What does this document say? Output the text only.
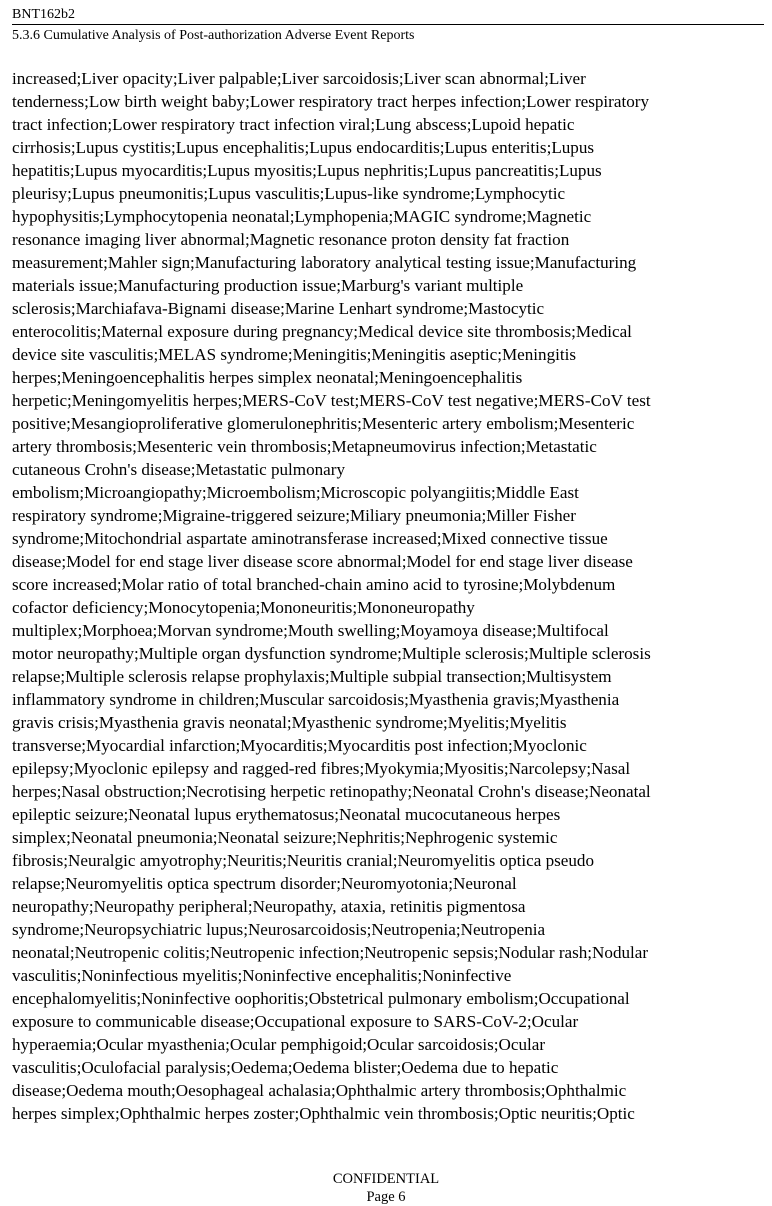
BNT162b2
5.3.6 Cumulative Analysis of Post-authorization Adverse Event Reports
increased;Liver opacity;Liver palpable;Liver sarcoidosis;Liver scan abnormal;Liver
tenderness;Low birth weight baby;Lower respiratory tract herpes infection;Lower respiratory
tract infection;Lower respiratory tract infection viral;Lung abscess;Lupoid hepatic
cirrhosis;Lupus cystitis;Lupus encephalitis;Lupus endocarditis;Lupus enteritis;Lupus
hepatitis;Lupus myocarditis;Lupus myositis;Lupus nephritis;Lupus pancreatitis;Lupus
pleurisy;Lupus pneumonitis;Lupus vasculitis;Lupus-like syndrome;Lymphocytic
hypophysitis;Lymphocytopenia neonatal;Lymphopenia;MAGIC syndrome;Magnetic
resonance imaging liver abnormal;Magnetic resonance proton density fat fraction
measurement;Mahler sign;Manufacturing laboratory analytical testing issue;Manufacturing
materials issue;Manufacturing production issue;Marburg's variant multiple
sclerosis;Marchiafava-Bignami disease;Marine Lenhart syndrome;Mastocytic
enterocolitis;Maternal exposure during pregnancy;Medical device site thrombosis;Medical
device site vasculitis;MELAS syndrome;Meningitis;Meningitis aseptic;Meningitis
herpes;Meningoencephalitis herpes simplex neonatal;Meningoencephalitis
herpetic;Meningomyelitis herpes;MERS-CoV test;MERS-CoV test negative;MERS-CoV test
positive;Mesangioproliferative glomerulonephritis;Mesenteric artery embolism;Mesenteric
artery thrombosis;Mesenteric vein thrombosis;Metapneumovirus infection;Metastatic
cutaneous Crohn's disease;Metastatic pulmonary
embolism;Microangiopathy;Microembolism;Microscopic polyangiitis;Middle East
respiratory syndrome;Migraine-triggered seizure;Miliary pneumonia;Miller Fisher
syndrome;Mitochondrial aspartate aminotransferase increased;Mixed connective tissue
disease;Model for end stage liver disease score abnormal;Model for end stage liver disease
score increased;Molar ratio of total branched-chain amino acid to tyrosine;Molybdenum
cofactor deficiency;Monocytopenia;Mononeuritis;Mononeuropathy
multiplex;Morphoea;Morvan syndrome;Mouth swelling;Moyamoya disease;Multifocal
motor neuropathy;Multiple organ dysfunction syndrome;Multiple sclerosis;Multiple sclerosis
relapse;Multiple sclerosis relapse prophylaxis;Multiple subpial transection;Multisystem
inflammatory syndrome in children;Muscular sarcoidosis;Myasthenia gravis;Myasthenia
gravis crisis;Myasthenia gravis neonatal;Myasthenic syndrome;Myelitis;Myelitis
transverse;Myocardial infarction;Myocarditis;Myocarditis post infection;Myoclonic
epilepsy;Myoclonic epilepsy and ragged-red fibres;Myokymia;Myositis;Narcolepsy;Nasal
herpes;Nasal obstruction;Necrotising herpetic retinopathy;Neonatal Crohn's disease;Neonatal
epileptic seizure;Neonatal lupus erythematosus;Neonatal mucocutaneous herpes
simplex;Neonatal pneumonia;Neonatal seizure;Nephritis;Nephrogenic systemic
fibrosis;Neuralgic amyotrophy;Neuritis;Neuritis cranial;Neuromyelitis optica pseudo
relapse;Neuromyelitis optica spectrum disorder;Neuromyotonia;Neuronal
neuropathy;Neuropathy peripheral;Neuropathy, ataxia, retinitis pigmentosa
syndrome;Neuropsychiatric lupus;Neurosarcoidosis;Neutropenia;Neutropenia
neonatal;Neutropenic colitis;Neutropenic infection;Neutropenic sepsis;Nodular rash;Nodular
vasculitis;Noninfectious myelitis;Noninfective encephalitis;Noninfective
encephalomyelitis;Noninfective oophoritis;Obstetrical pulmonary embolism;Occupational
exposure to communicable disease;Occupational exposure to SARS-CoV-2;Ocular
hyperaemia;Ocular myasthenia;Ocular pemphigoid;Ocular sarcoidosis;Ocular
vasculitis;Oculofacial paralysis;Oedema;Oedema blister;Oedema due to hepatic
disease;Oedema mouth;Oesophageal achalasia;Ophthalmic artery thrombosis;Ophthalmic
herpes simplex;Ophthalmic herpes zoster;Ophthalmic vein thrombosis;Optic neuritis;Optic
CONFIDENTIAL
Page 6
